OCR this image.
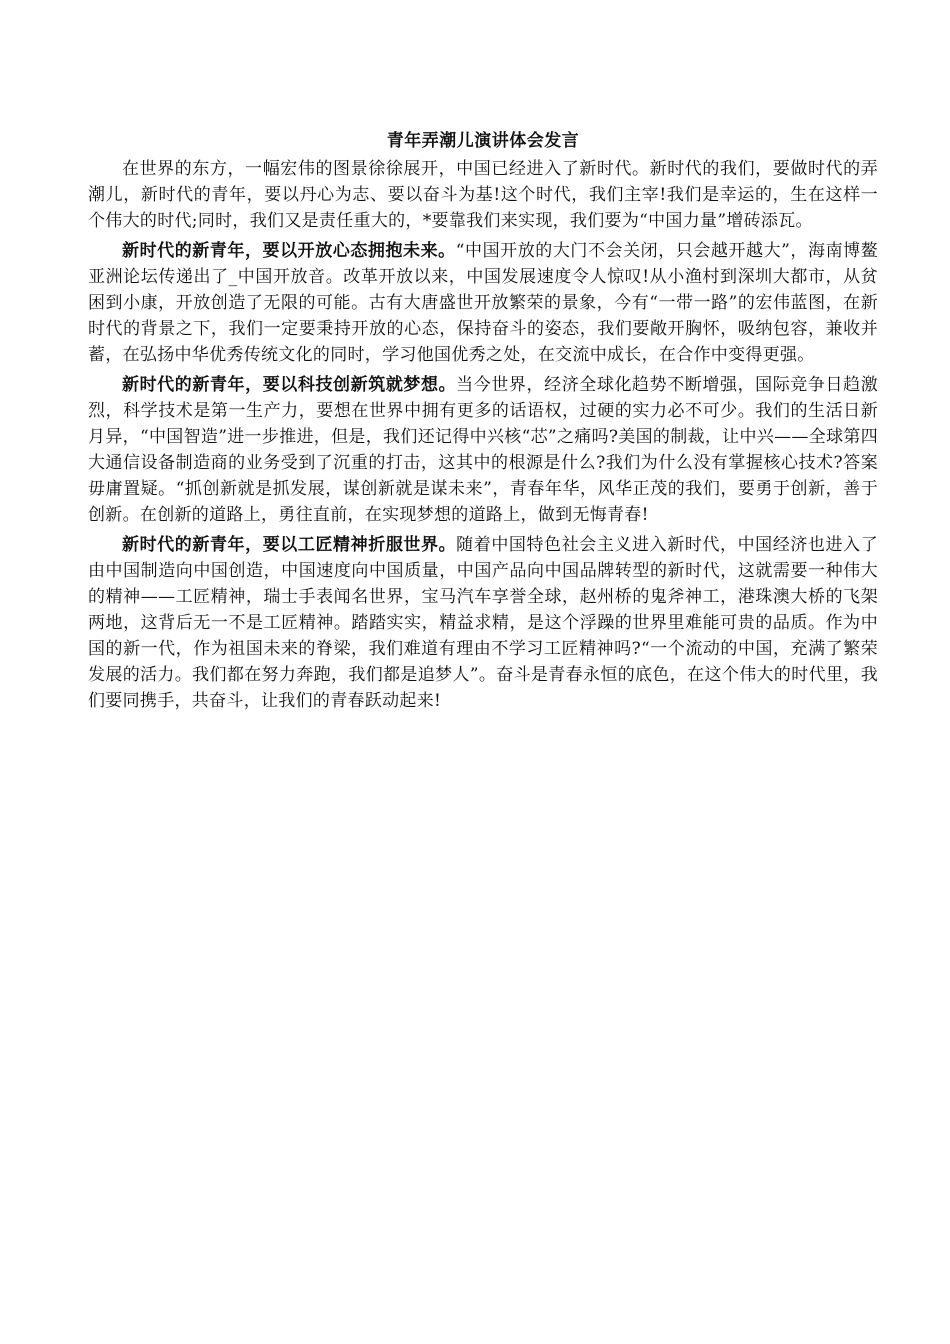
青年弄潮儿演讲体会发言

在世界的东方，一幅宏伟的图景徐徐展开，中国已经进入了新时代。新时代的我们，要做时代的弄潮儿，新时代的青年，要以丹心为志、要以奋斗为基!这个时代，我们主宰!我们是幸运的，生在这样一个伟大的时代;同时，我们又是责任重大的，*要靠我们来实现，我们要为“中国力量”增砖添瓦。

新时代的新青年，要以开放心态拥抱未来。“中国开放的大门不会关闭，只会越开越大”，海南博鳌亚洲论坛传递出了_中国开放音。改革开放以来，中国发展速度令人惊叹!从小渔村到深圳大都市，从贫困到小康，开放创造了无限的可能。古有大唐盛世开放繁荣的景象，今有“一带一路”的宏伟蓝图，在新时代的背景之下，我们一定要秉持开放的心态，保持奋斗的姿态，我们要敞开胸怀，吸纳包容，兼收并蓄，在弘扬中华优秀传统文化的同时，学习他国优秀之处，在交流中成长，在合作中变得更强。

新时代的新青年，要以科技创新筑就梦想。当今世界，经济全球化趋势不断增强，国际竞争日趋激烈，科学技术是第一生产力，要想在世界中拥有更多的话语权，过硬的实力必不可少。我们的生活日新月异，“中国智造”进一步推进，但是，我们还记得中兴核“芯”之痛吗?美国的制裁，让中兴——全球第四大通信设备制造商的业务受到了沉重的打击，这其中的根源是什么?我们为什么没有掌握核心技术?答案毋庸置疑。“抓创新就是抓发展，谋创新就是谋未来”，青春年华，风华正茂的我们，要勇于创新，善于创新。在创新的道路上，勇往直前，在实现梦想的道路上，做到无悔青春!

新时代的新青年，要以工匠精神折服世界。随着中国特色社会主义进入新时代，中国经济也进入了由中国制造向中国创造，中国速度向中国质量，中国产品向中国品牌转型的新时代，这就需要一种伟大的精神——工匠精神，瑞士手表闻名世界，宝马汽车享誉全球，赵州桥的鬼斧神工，港珠澳大桥的飞架两地，这背后无一不是工匠精神。踏踏实实，精益求精，是这个浮躁的世界里难能可贵的品质。作为中国的新一代，作为祖国未来的脊梁，我们难道有理由不学习工匠精神吗?“一个流动的中国，充满了繁荣发展的活力。我们都在努力奔跑，我们都是追梦人”。奋斗是青春永恒的底色，在这个伟大的时代里，我们要同携手，共奋斗，让我们的青春跃动起来!
